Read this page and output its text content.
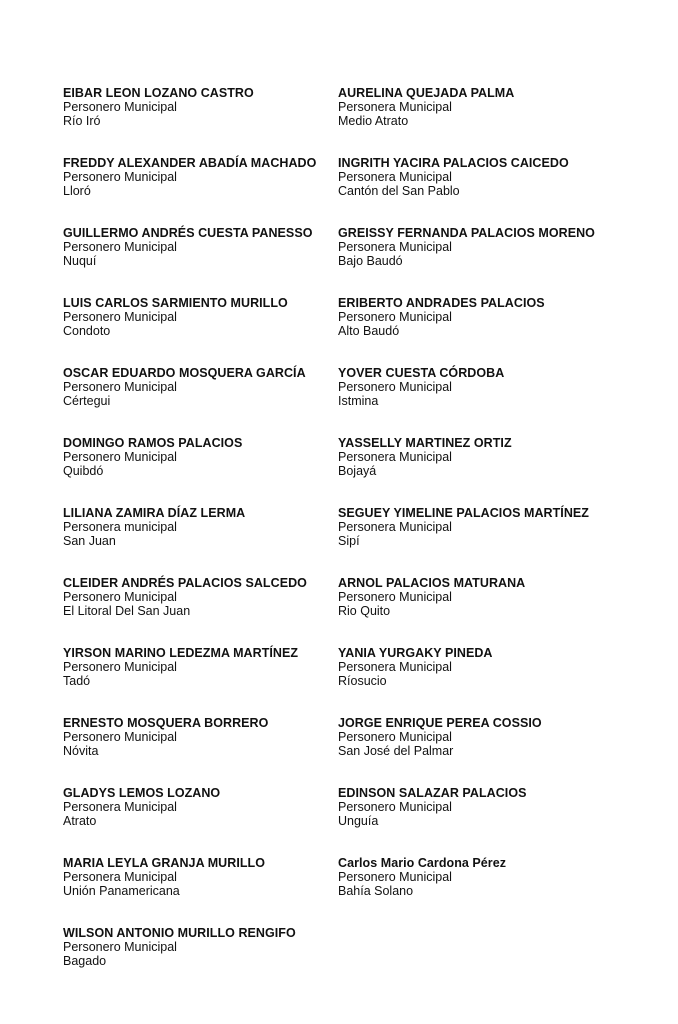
EIBAR LEON LOZANO CASTRO
Personero Municipal
Río Iró
AURELINA QUEJADA PALMA
Personera Municipal
Medio Atrato
FREDDY ALEXANDER ABADÍA MACHADO
Personero Municipal
Lloró
INGRITH YACIRA PALACIOS CAICEDO
Personera Municipal
Cantón del San Pablo
GUILLERMO ANDRÉS CUESTA PANESSO
Personero Municipal
Nuquí
GREISSY FERNANDA PALACIOS MORENO
Personera Municipal
Bajo Baudó
LUIS CARLOS SARMIENTO MURILLO
Personero Municipal
Condoto
ERIBERTO ANDRADES PALACIOS
Personero Municipal
Alto Baudó
OSCAR EDUARDO MOSQUERA GARCÍA
Personero Municipal
Cértegui
YOVER CUESTA CÓRDOBA
Personero Municipal
Istmina
DOMINGO RAMOS PALACIOS
Personero Municipal
Quibdó
YASSELLY MARTINEZ ORTIZ
Personera Municipal
Bojayá
LILIANA ZAMIRA DÍAZ LERMA
Personera municipal
San Juan
SEGUEY YIMELINE PALACIOS MARTÍNEZ
Personera Municipal
Sipí
CLEIDER ANDRÉS PALACIOS SALCEDO
Personero Municipal
El Litoral Del San Juan
ARNOL PALACIOS MATURANA
Personero Municipal
Rio Quito
YIRSON MARINO LEDEZMA MARTÍNEZ
Personero Municipal
Tadó
YANIA YURGAKY PINEDA
Personera Municipal
Ríosucio
ERNESTO MOSQUERA BORRERO
Personero Municipal
Nóvita
JORGE ENRIQUE PEREA COSSIO
Personero Municipal
San José del Palmar
GLADYS LEMOS LOZANO
Personera Municipal
Atrato
EDINSON SALAZAR PALACIOS
Personero Municipal
Unguía
MARIA LEYLA GRANJA MURILLO
Personera Municipal
Unión Panamericana
Carlos Mario Cardona Pérez
Personero Municipal
Bahía Solano
WILSON ANTONIO MURILLO RENGIFO
Personero Municipal
Bagado
